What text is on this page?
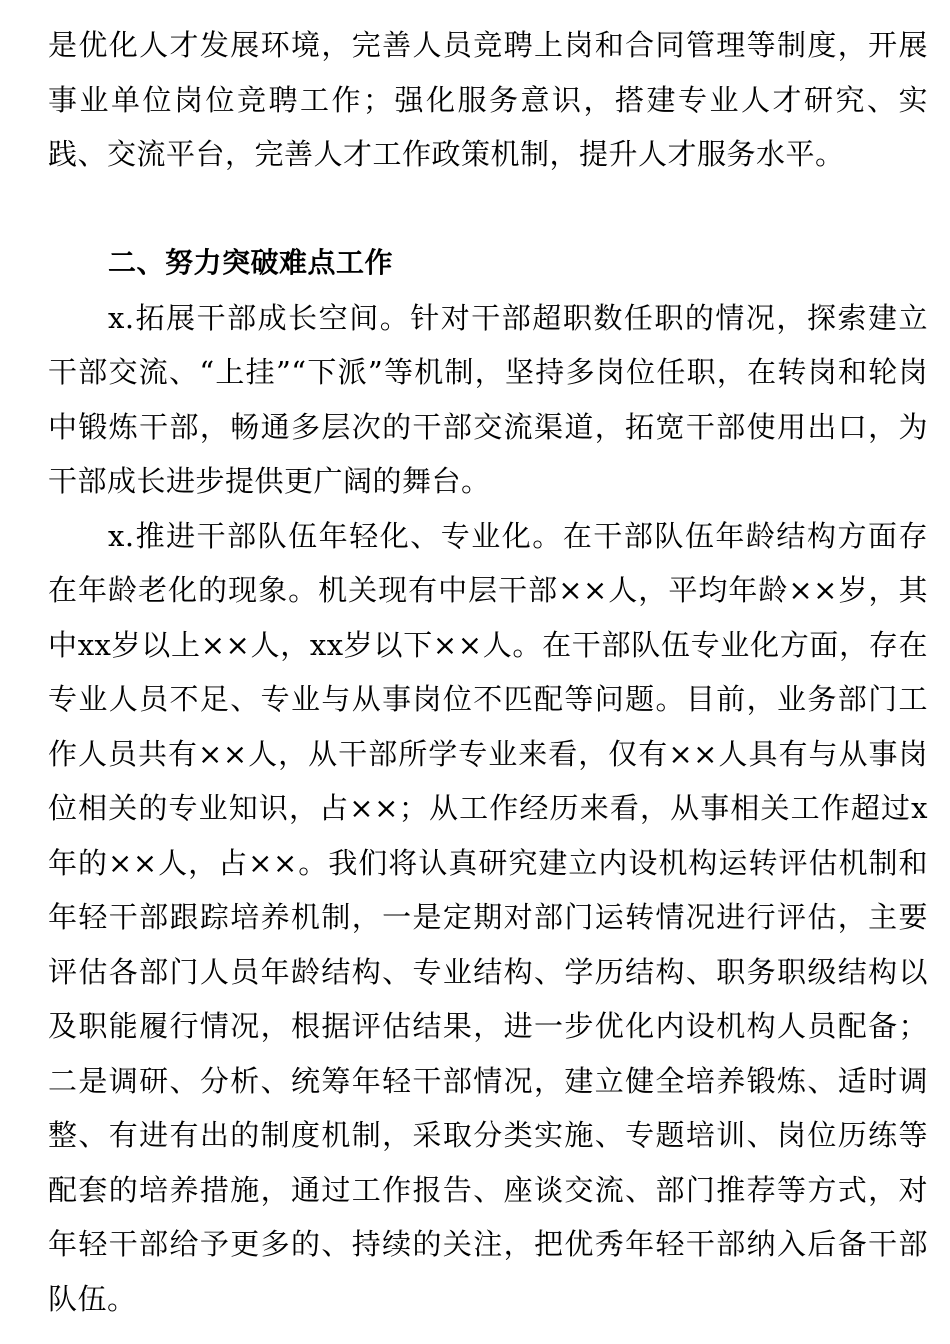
是优化人才发展环境，完善人员竞聘上岗和合同管理等制度，开展事业单位岗位竞聘工作；强化服务意识，搭建专业人才研究、实践、交流平台，完善人才工作政策机制，提升人才服务水平。

二、努力突破难点工作

x.拓展干部成长空间。针对干部超职数任职的情况，探索建立干部交流、“上挂”“下派”等机制，坚持多岗位任职，在转岗和轮岗中锻炼干部，畅通多层次的干部交流渠道，拓宽干部使用出口，为干部成长进步提供更广阔的舞台。

x.推进干部队伍年轻化、专业化。在干部队伍年龄结构方面存在年龄老化的现象。机关现有中层干部××人，平均年龄××岁，其中xx岁以上××人，xx岁以下××人。在干部队伍专业化方面，存在专业人员不足、专业与从事岗位不匹配等问题。目前，业务部门工作人员共有××人，从干部所学专业来看，仅有××人具有与从事岗位相关的专业知识，占××；从工作经历来看，从事相关工作超过x年的××人，占××。我们将认真研究建立内设机构运转评估机制和年轻干部跟踪培养机制，一是定期对部门运转情况进行评估，主要评估各部门人员年龄结构、专业结构、学历结构、职务职级结构以及职能履行情况，根据评估结果，进一步优化内设机构人员配备；二是调研、分析、统筹年轻干部情况，建立健全培养锻炼、适时调整、有进有出的制度机制，采取分类实施、专题培训、岗位历练等配套的培养措施，通过工作报告、座谈交流、部门推荐等方式，对年轻干部给予更多的、持续的关注，把优秀年轻干部纳入后备干部队伍。
